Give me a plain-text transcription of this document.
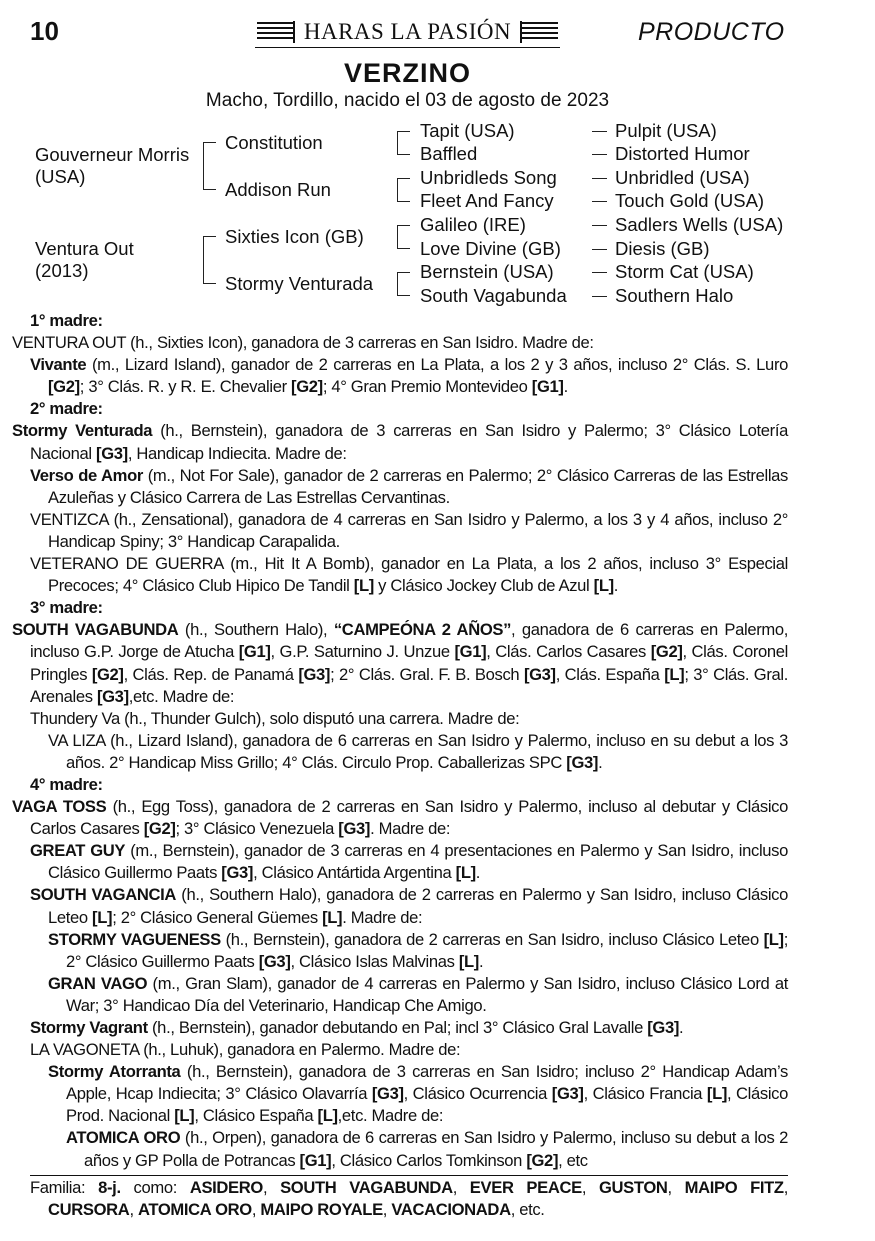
10	HARAS LA PASIÓN	PRODUCTO
VERZINO
Macho, Tordillo, nacido el 03 de agosto de 2023
Gouverneur Morris (USA)
Ventura Out (2013)
Constitution
Addison Run
Sixties Icon (GB)
Stormy Venturada
Tapit (USA)
Baffled
Unbridleds Song
Fleet And Fancy
Galileo (IRE)
Love Divine (GB)
Bernstein (USA)
South Vagabunda
Pulpit (USA)
Distorted Humor
Unbridled (USA)
Touch Gold (USA)
Sadlers Wells (USA)
Diesis (GB)
Storm Cat (USA)
Southern Halo

1° madre:

VENTURA OUT (h., Sixties Icon), ganadora de 3 carreras en San Isidro. Madre de:

Vivante (m., Lizard Island), ganador de 2 carreras en La Plata, a los 2 y 3 años, incluso 2° Clás. S. Luro [G2]; 3° Clás. R. y R. E. Chevalier [G2]; 4° Gran Premio Montevideo [G1].

2° madre:

Stormy Venturada (h., Bernstein), ganadora de 3 carreras en San Isidro y Palermo; 3° Clásico Lotería Nacional [G3], Handicap Indiecita. Madre de:

Verso de Amor (m., Not For Sale), ganador de 2 carreras en Palermo; 2° Clásico Carreras de las Estrellas Azuleñas y Clásico Carrera de Las Estrellas Cervantinas.

VENTIZCA (h., Zensational), ganadora de 4 carreras en San Isidro y Palermo, a los 3 y 4 años, incluso 2° Handicap Spiny; 3° Handicap Carapalida.

VETERANO DE GUERRA (m., Hit It A Bomb), ganador en La Plata, a los 2 años, incluso 3° Especial Precoces; 4° Clásico Club Hipico De Tandil [L] y Clásico Jockey Club de Azul [L].

3° madre:

SOUTH VAGABUNDA (h., Southern Halo), “CAMPEÓNA 2 AÑOS”, ganadora de 6 carreras en Palermo, incluso G.P. Jorge de Atucha [G1], G.P. Saturnino J. Unzue [G1], Clás. Carlos Casares [G2], Clás. Coronel Pringles [G2], Clás. Rep. de Panamá [G3]; 2° Clás. Gral. F. B. Bosch [G3], Clás. España [L]; 3° Clás. Gral. Arenales [G3],etc. Madre de:

Thundery Va (h., Thunder Gulch), solo disputó una carrera. Madre de:

VA LIZA (h., Lizard Island), ganadora de 6 carreras en San Isidro y Palermo, incluso en su debut a los 3 años. 2° Handicap Miss Grillo; 4° Clás. Circulo Prop. Caballerizas SPC [G3].

4° madre:

VAGA TOSS (h., Egg Toss), ganadora de 2 carreras en San Isidro y Palermo, incluso al debutar y Clásico Carlos Casares [G2]; 3° Clásico Venezuela [G3]. Madre de:

GREAT GUY (m., Bernstein), ganador de 3 carreras en 4 presentaciones en Palermo y San Isidro, incluso Clásico Guillermo Paats [G3], Clásico Antártida Argentina [L].

SOUTH VAGANCIA (h., Southern Halo), ganadora de 2 carreras en Palermo y San Isidro, incluso Clásico Leteo [L]; 2° Clásico General Güemes [L]. Madre de:

STORMY VAGUENESS (h., Bernstein), ganadora de 2 carreras en San Isidro, incluso Clásico Leteo [L]; 2° Clásico Guillermo Paats [G3], Clásico Islas Malvinas [L].

GRAN VAGO (m., Gran Slam), ganador de 4 carreras en Palermo y San Isidro, incluso Clásico Lord at War; 3° Handicao Día del Veterinario, Handicap Che Amigo.

Stormy Vagrant (h., Bernstein), ganador debutando en Pal; incl 3° Clásico Gral Lavalle [G3].

LA VAGONETA (h., Luhuk), ganadora en Palermo. Madre de:

Stormy Atorranta (h., Bernstein), ganadora de 3 carreras en San Isidro; incluso 2° Handicap Adam’s Apple, Hcap Indiecita; 3° Clásico Olavarría [G3], Clásico Ocurrencia [G3], Clásico Francia [L], Clásico Prod. Nacional [L], Clásico España [L],etc. Madre de:

ATOMICA ORO (h., Orpen), ganadora de 6 carreras en San Isidro y Palermo, incluso su debut a los 2 años y GP Polla de Potrancas [G1], Clásico Carlos Tomkinson [G2], etc

Familia: 8-j. como: ASIDERO, SOUTH VAGABUNDA, EVER PEACE, GUSTON, MAIPO FITZ, CURSORA, ATOMICA ORO, MAIPO ROYALE, VACACIONADA, etc.
